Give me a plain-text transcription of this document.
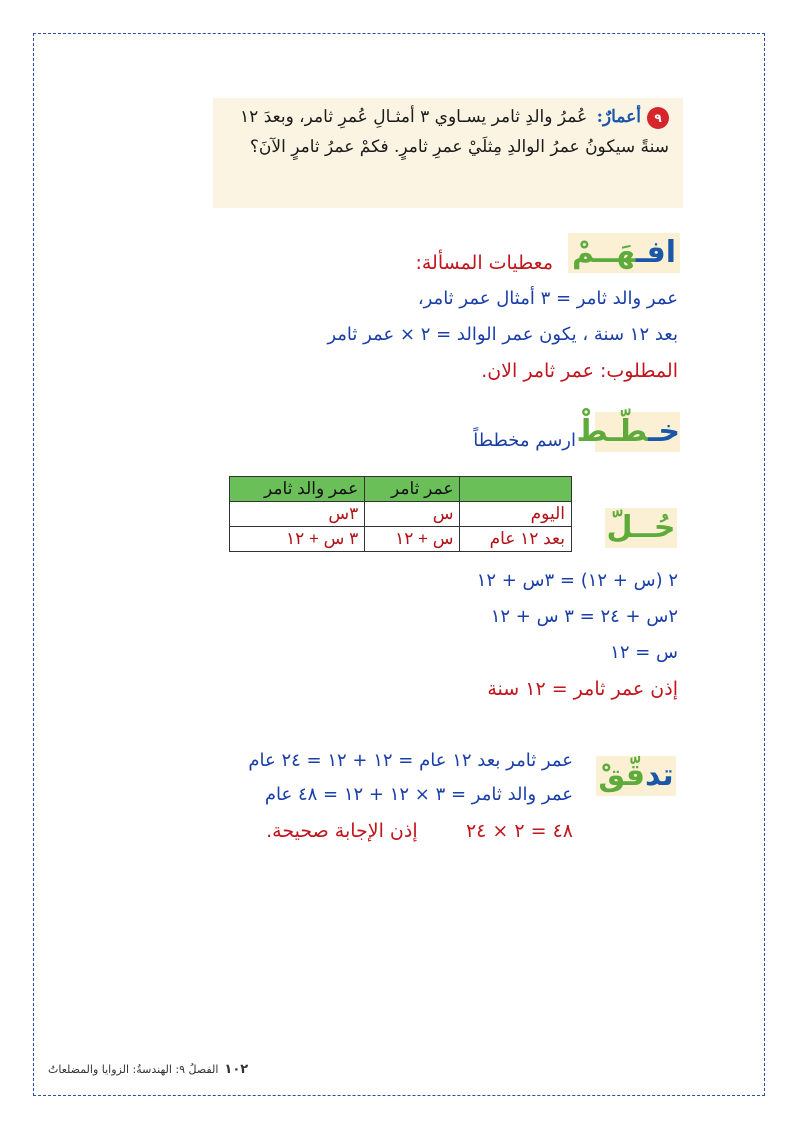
٩أعمارٌ: عُمرُ والدِ ثامر يسـاوي ٣ أمثـالِ عُمرِ ثامر، وبعدَ ١٢ سنةً سيكونُ عمرُ الوالدِ مِثلَيْ عمرِ ثامرٍ. فكمْ عمرُ ثامرٍ الآنَ؟
افـهَــمْ
معطيات المسألة:
عمر والد ثامر = ٣ أمثال عمر ثامر،
بعد ١٢ سنة ، يكون عمر الوالد = ٢ × عمر ثامر
المطلوب: عمر ثامر الان.
خـطّـطْ
ارسم مخططاً
	عمر ثامر	عمر والد ثامر
اليوم	س	٣س
بعد ١٢ عام	س + ١٢	٣ س + ١٢	حُــلّ
٢ (س + ١٢) = ٣س + ١٢
٢س + ٢٤ = ٣ س + ١٢
س = ١٢
إذن عمر ثامر = ١٢ سنة
تدقّقْ
عمر ثامر بعد ١٢ عام = ١٢ + ١٢ = ٢٤ عام
عمر والد ثامر = ٣ × ١٢ + ١٢ = ٤٨ عام
٤٨ = ٢ × ٢٤        إذن الإجابة صحيحة.
١٠٢الفصلُ ٩: الهندسةُ: الزوايا والمضلعاتُ
